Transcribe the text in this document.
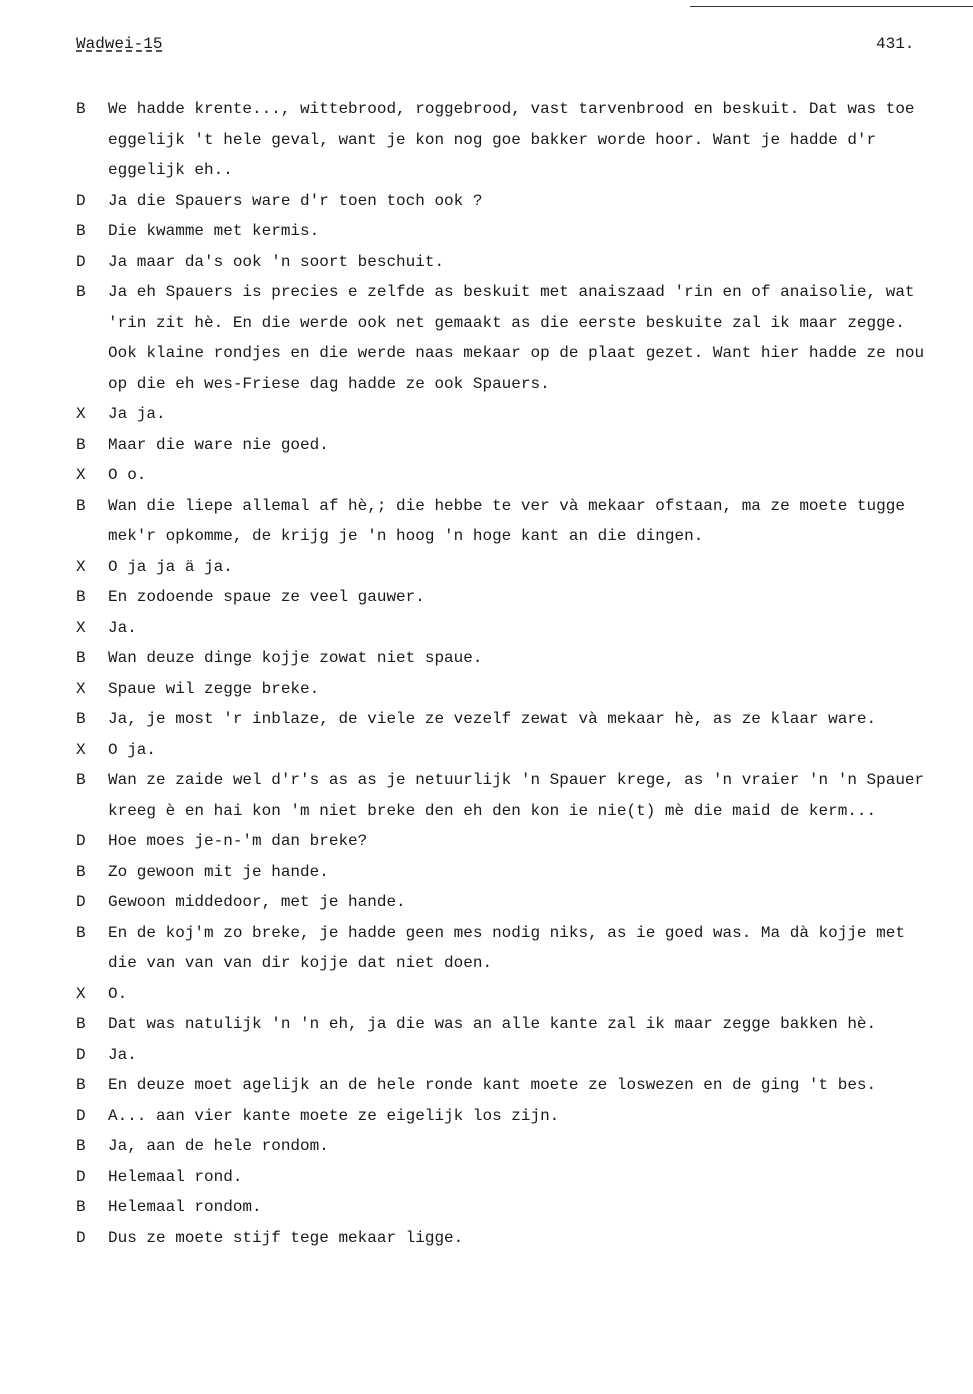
Wadwei-15	431.
B	We hadde krente..., wittebrood, roggebrood, vast tarvenbrood en beskuit. Dat was toe eggelijk 't hele geval, want je kon nog goe bakker worde hoor. Want je hadde d'r eggelijk eh..
D	Ja die Spauers ware d'r toen toch ook ?
B	Die kwamme met kermis.
D	Ja maar da's ook 'n soort beschuit.
B	Ja eh Spauers is precies e zelfde as beskuit met anaiszaad 'rin en of anaisolie, wat 'rin zit hè. En die werde ook net gemaakt as die eerste beskuite zal ik maar zegge. Ook klaine rondjes en die werde naas mekaar op de plaat gezet. Want hier hadde ze nou op die eh wes-Friese dag hadde ze ook Spauers.
X	Ja ja.
B	Maar die ware nie goed.
X	O o.
B	Wan die liepe allemal af hè,; die hebbe te ver và mekaar ofstaan, ma ze moete tugge mek'r opkomme, de krijg je 'n hoog 'n hoge kant an die dingen.
X	O ja ja ä ja.
B	En zodoende spaue ze veel gauwer.
X	Ja.
B	Wan deuze dinge kojje zowat niet spaue.
X	Spaue wil zegge breke.
B	Ja, je most 'r inblaze, de viele ze vezelf zewat và mekaar hè, as ze klaar ware.
X	O ja.
B	Wan ze zaide wel d'r's as as je netuurlijk 'n Spauer krege, as 'n vraier 'n 'n Spauer kreeg è en hai kon 'm niet breke den eh den kon ie nie(t) mè die maid de kerm...
D	Hoe moes je-n-'m dan breke?
B	Zo gewoon mit je hande.
D	Gewoon middedoor, met je hande.
B	En de koj'm zo breke, je hadde geen mes nodig niks, as ie goed was. Ma dà kojje met die van van van dir kojje dat niet doen.
X	O.
B	Dat was natulijk 'n 'n eh, ja die was an alle kante zal ik maar zegge bakken hè.
D	Ja.
B	En deuze moet agelijk an de hele ronde kant moete ze loswezen en de ging 't bes.
D	A... aan vier kante moete ze eigelijk los zijn.
B	Ja, aan de hele rondom.
D	Helemaal rond.
B	Helemaal rondom.
D	Dus ze moete stijf tege mekaar ligge.
